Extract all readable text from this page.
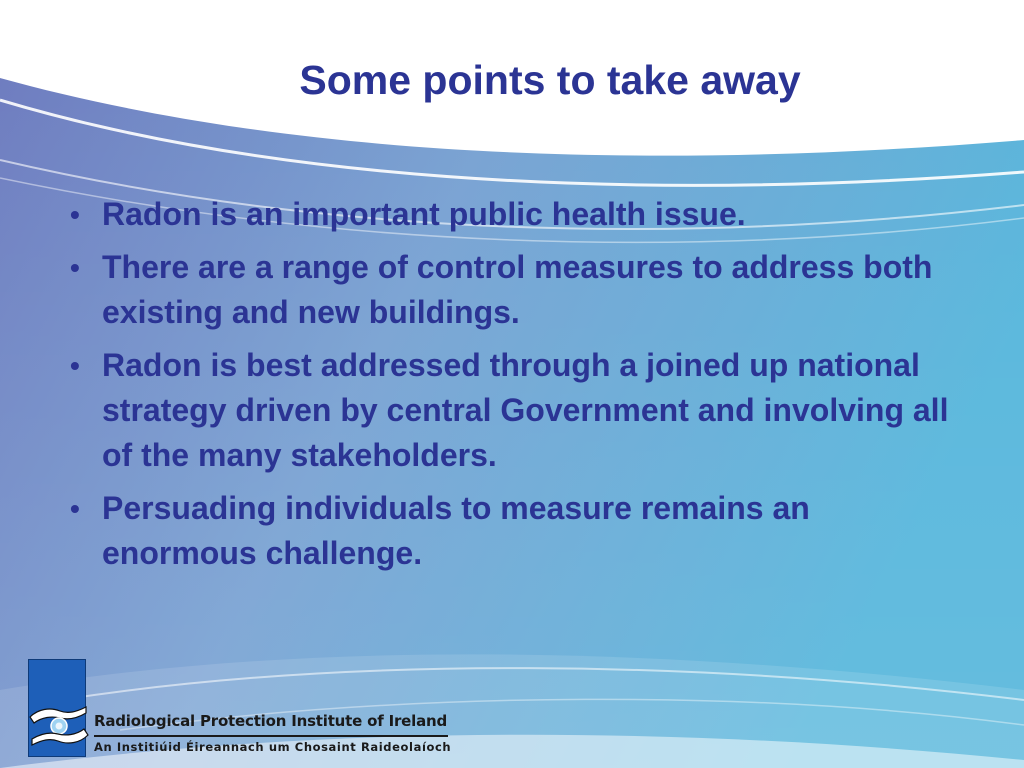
Some points to take away
• Radon is an important public health issue.
• There are a range of control measures to address both existing and new buildings.
• Radon is best addressed through a joined up national strategy driven by central Government and involving all of the many stakeholders.
• Persuading individuals to measure remains an enormous challenge.

Radiological Protection Institute of Ireland

An Institiúid Éireannach um Chosaint Raideolaíoch
